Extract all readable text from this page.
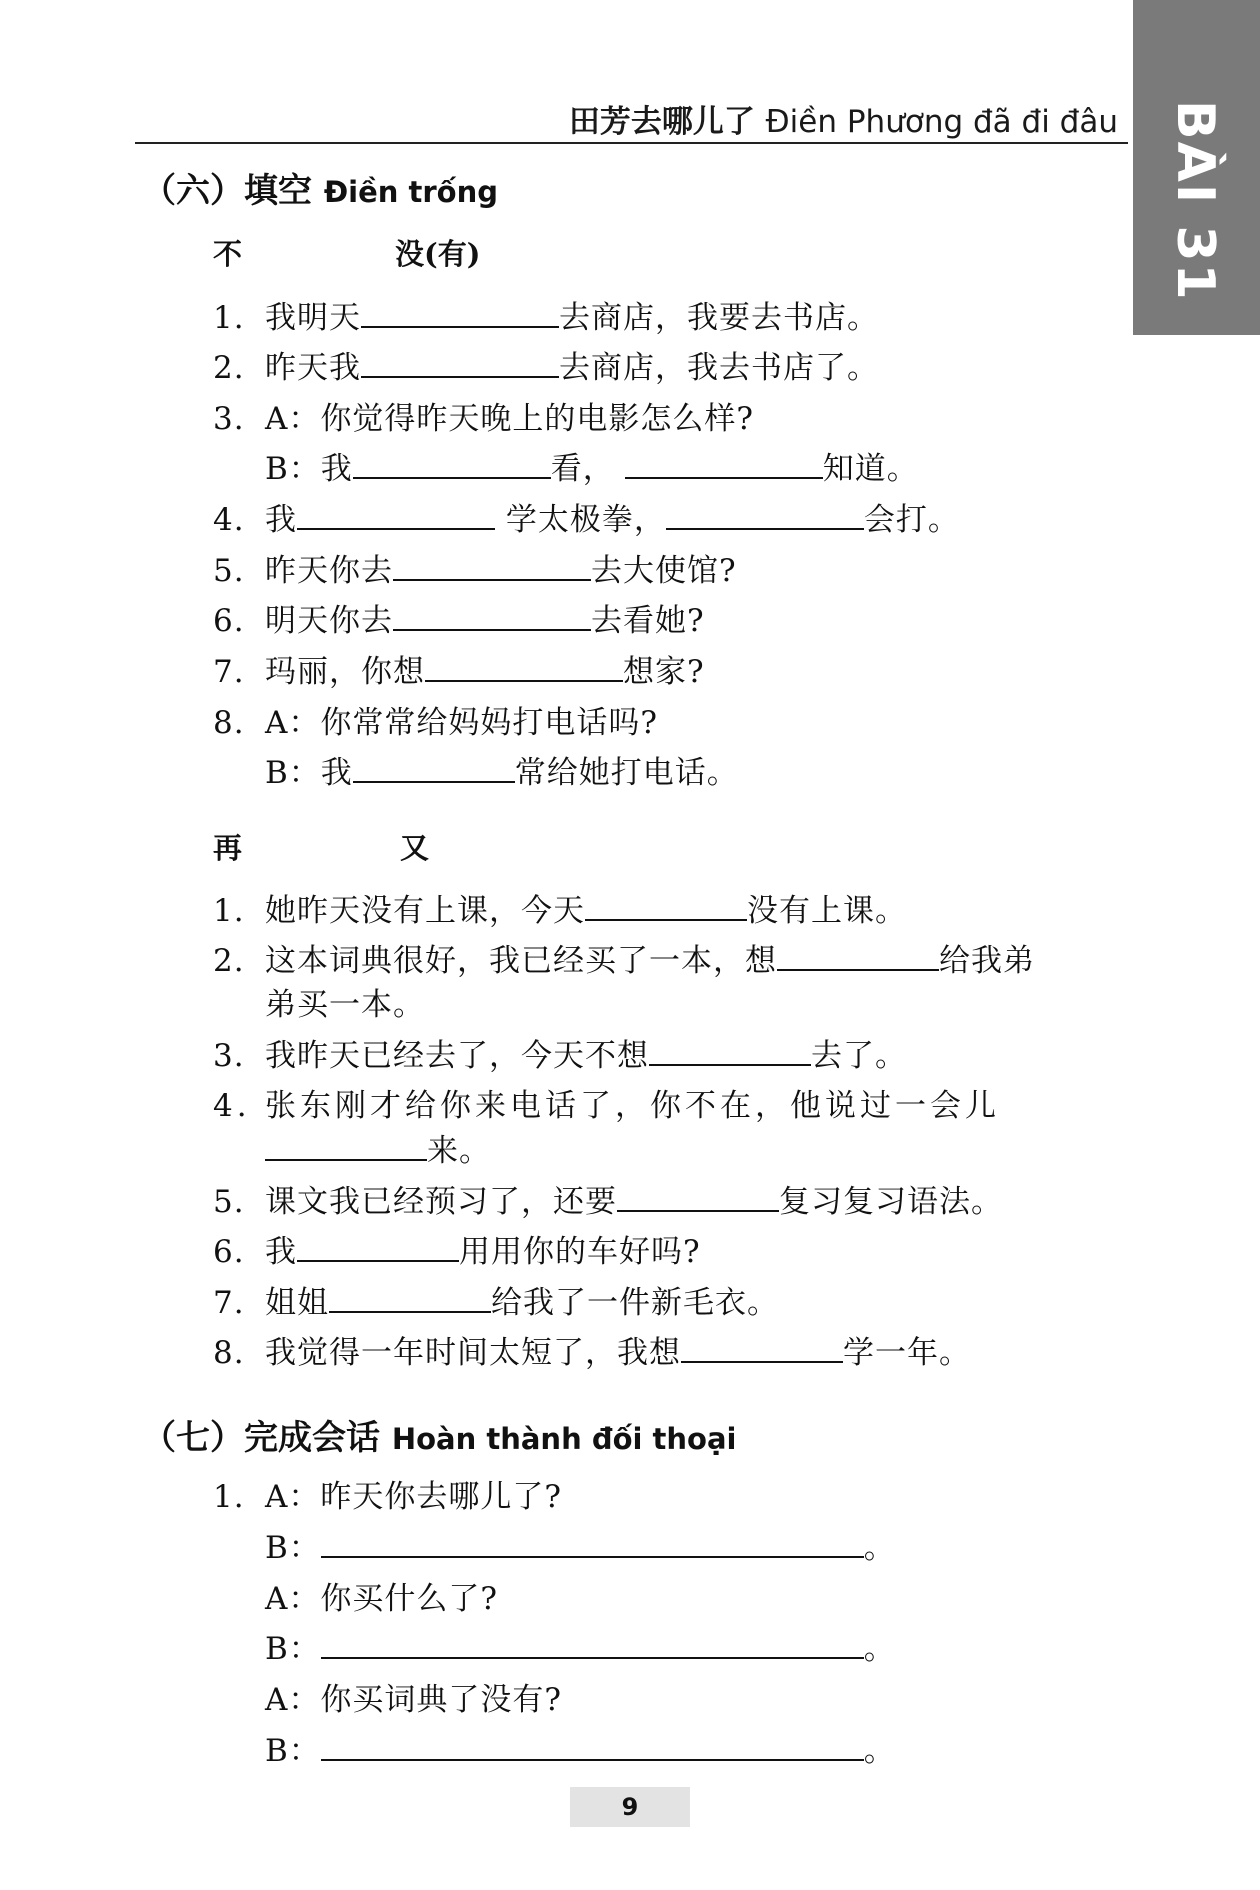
田芳去哪儿了 Điền Phương đã đi đâu BÀI 31
（六）填空 Điền trống
不	没(有)
1. 我明天	去商店，我要去书店。
2. 昨天我	去商店，我去书店了。
3. A：你觉得昨天晚上的电影怎么样?
B：我	看，	知道。
4. 我	学太极拳，	会打。
5. 昨天你去	去大使馆?
6. 明天你去	去看她?
7. 玛丽，你想	想家?
8. A：你常常给妈妈打电话吗?
B：我	常给她打电话。
再	又
1. 她昨天没有上课，今天	没有上课。
2. 这本词典很好，我已经买了一本，想	给我弟
弟买一本。
3. 我昨天已经去了，今天不想	去了。
4. 张东刚才给你来电话了，你不在，他说过一会儿
来。
5. 课文我已经预习了，还要	复习复习语法。
6. 我	用用你的车好吗?
7. 姐姐	给我了一件新毛衣。
8. 我觉得一年时间太短了，我想	学一年。
（七）完成会话 Hoàn thành đối thoại
1. A：昨天你去哪儿了?
B：	。
A：你买什么了?
B：	。
A：你买词典了没有?
B：	。
9
